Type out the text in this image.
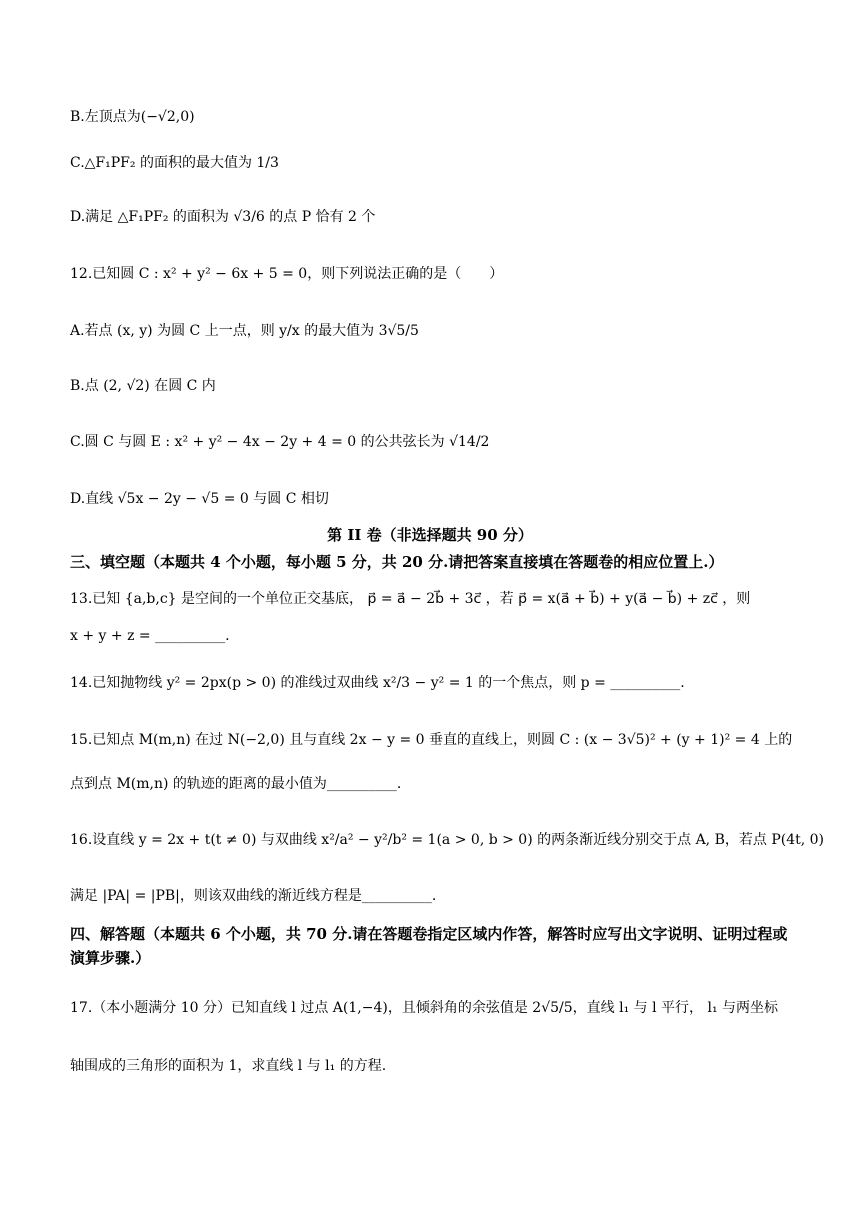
B.左顶点为(−√2,0)
C.△F₁PF₂ 的面积的最大值为 1/3
D.满足 △F₁PF₂ 的面积为 √3/6 的点 P 恰有 2 个
12.已知圆 C : x² + y² − 6x + 5 = 0，则下列说法正确的是（　　）
A.若点 (x, y) 为圆 C 上一点，则 y/x 的最大值为 3√5/5
B.点 (2, √2) 在圆 C 内
C.圆 C 与圆 E : x² + y² − 4x − 2y + 4 = 0 的公共弦长为 √14/2
D.直线 √5x − 2y − √5 = 0 与圆 C 相切
第 II 卷（非选择题共 90 分）
三、填空题（本题共 4 个小题，每小题 5 分，共 20 分.请把答案直接填在答题卷的相应位置上.）
13.已知 {a,b,c} 是空间的一个单位正交基底， p⃗ = a⃗ − 2b⃗ + 3c⃗ ，若 p⃗ = x(a⃗ + b⃗) + y(a⃗ − b⃗) + zc⃗ ，则
x + y + z = __________.
14.已知抛物线 y² = 2px(p > 0) 的准线过双曲线 x²/3 − y² = 1 的一个焦点，则 p = __________.
15.已知点 M(m,n) 在过 N(−2,0) 且与直线 2x − y = 0 垂直的直线上，则圆 C : (x − 3√5)² + (y + 1)² = 4 上的
点到点 M(m,n) 的轨迹的距离的最小值为__________.
16.设直线 y = 2x + t(t ≠ 0) 与双曲线 x²/a² − y²/b² = 1(a > 0, b > 0) 的两条渐近线分别交于点 A, B，若点 P(4t, 0)
满足 |PA| = |PB|，则该双曲线的渐近线方程是__________.
四、解答题（本题共 6 个小题，共 70 分.请在答题卷指定区域内作答，解答时应写出文字说明、证明过程或演算步骤.）
17.（本小题满分 10 分）已知直线 l 过点 A(1,−4)，且倾斜角的余弦值是 2√5/5，直线 l₁ 与 l 平行， l₁ 与两坐标
轴围成的三角形的面积为 1，求直线 l 与 l₁ 的方程.
